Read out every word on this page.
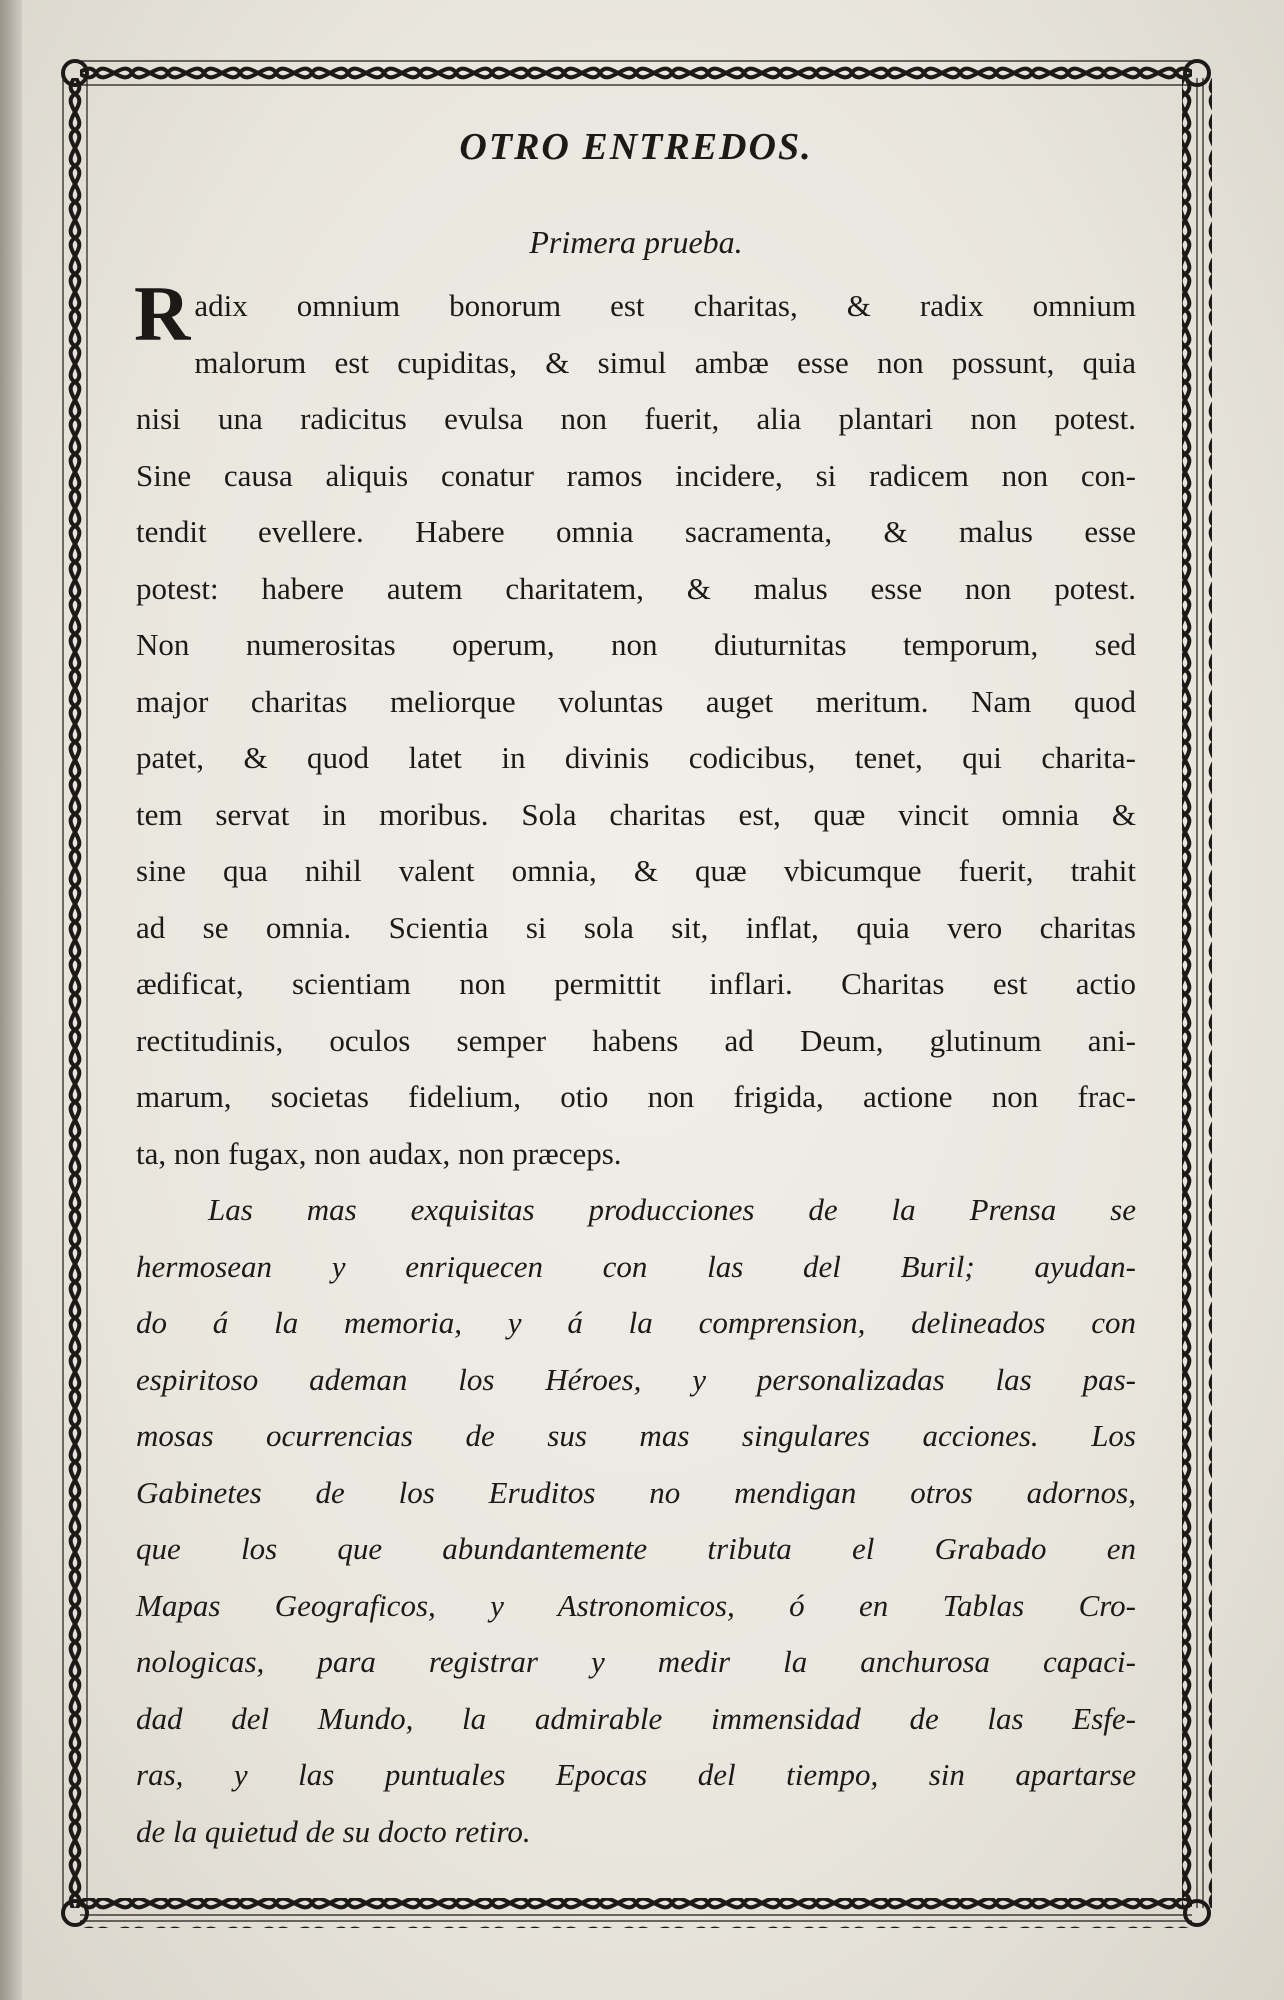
OTRO ENTREDOS.
Primera prueba.
R adix omnium bonorum est charitas, & radix omnium
malorum est cupiditas, & simul ambæ esse non possunt, quia
nisi una radicitus evulsa non fuerit, alia plantari non potest.
Sine causa aliquis conatur ramos incidere, si radicem non con-
tendit evellere. Habere omnia sacramenta, & malus esse
potest: habere autem charitatem, & malus esse non potest.
Non numerositas operum, non diuturnitas temporum, sed
major charitas meliorque voluntas auget meritum. Nam quod
patet, & quod latet in divinis codicibus, tenet, qui charita-
tem servat in moribus. Sola charitas est, quæ vincit omnia &
sine qua nihil valent omnia, & quæ vbicumque fuerit, trahit
ad se omnia. Scientia si sola sit, inflat, quia vero charitas
ædificat, scientiam non permittit inflari. Charitas est actio
rectitudinis, oculos semper habens ad Deum, glutinum ani-
marum, societas fidelium, otio non frigida, actione non frac-
ta, non fugax, non audax, non præceps.
Las mas exquisitas producciones de la Prensa se
hermosean y enriquecen con las del Buril; ayudan-
do á la memoria, y á la comprension, delineados con
espiritoso ademan los Héroes, y personalizadas las pas-
mosas ocurrencias de sus mas singulares acciones. Los
Gabinetes de los Eruditos no mendigan otros adornos,
que los que abundantemente tributa el Grabado en
Mapas Geograficos, y Astronomicos, ó en Tablas Cro-
nologicas, para registrar y medir la anchurosa capaci-
dad del Mundo, la admirable immensidad de las Esfe-
ras, y las puntuales Epocas del tiempo, sin apartarse
de la quietud de su docto retiro.
